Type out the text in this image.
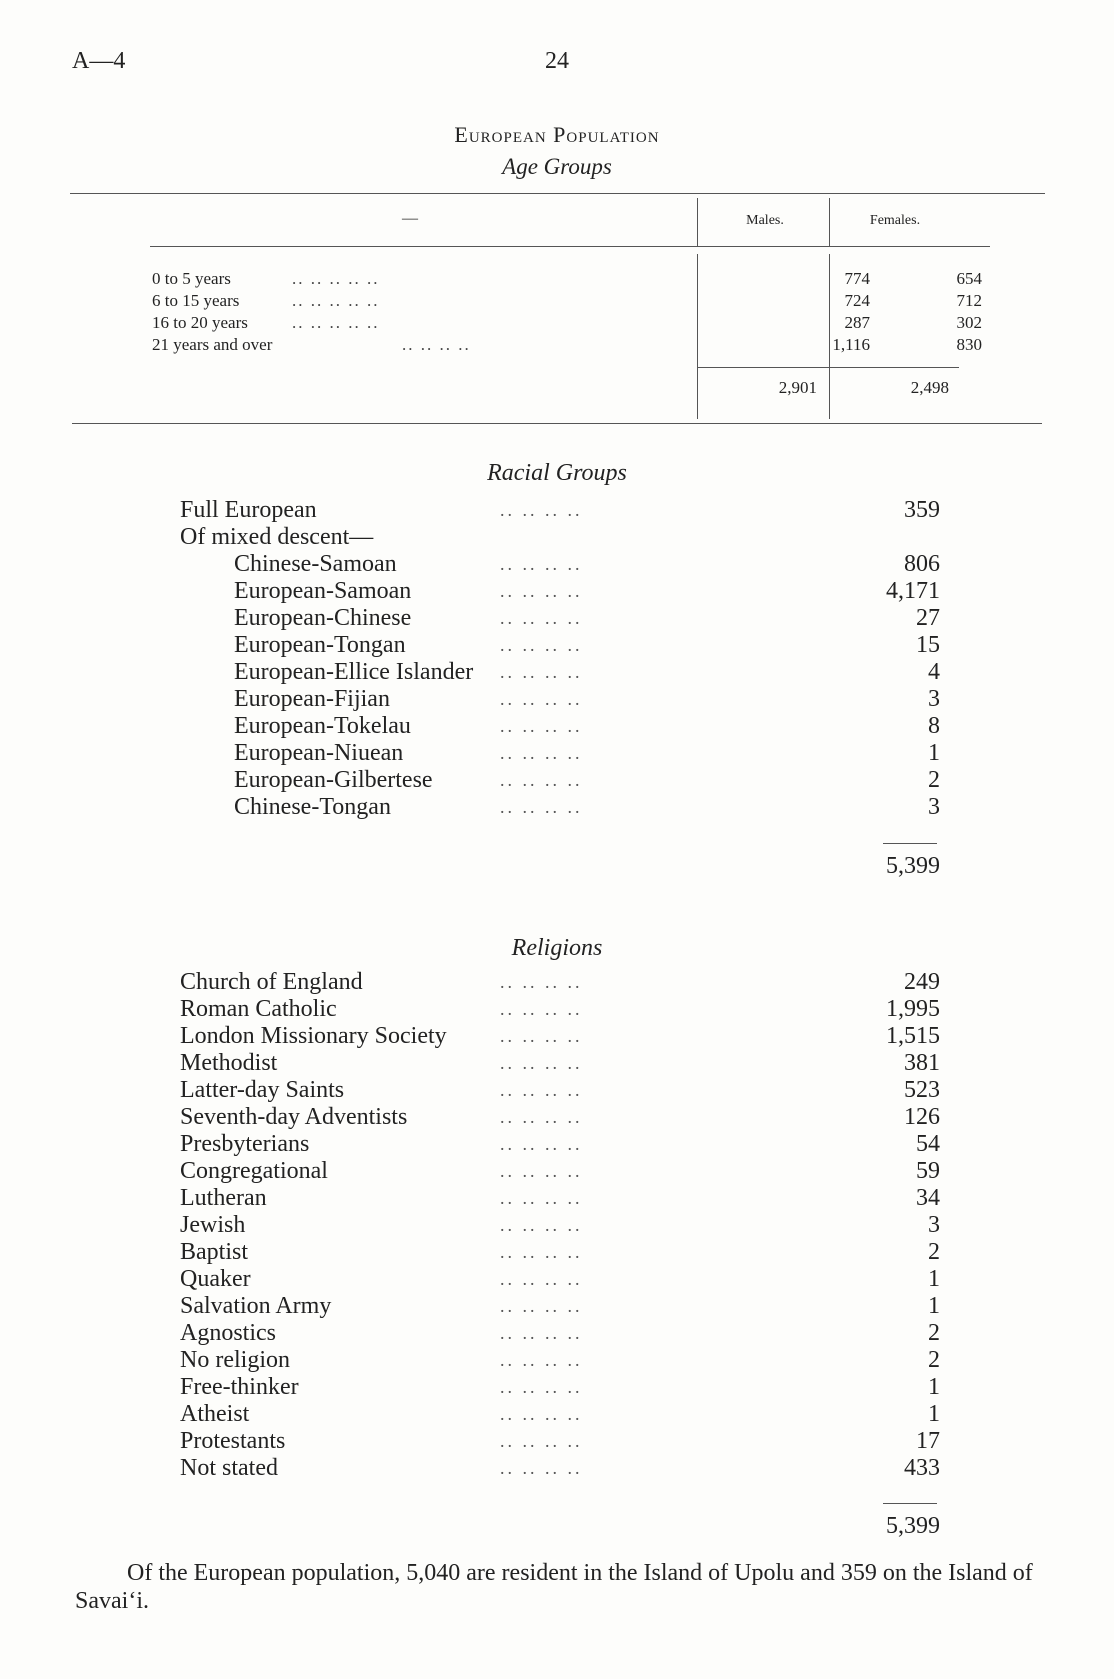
A—4	24
European Population
Age Groups
—	Males.	Females.
0 to 5 years	.. .. .. .. ..	774	654
6 to 15 years	.. .. .. .. ..	724	712
16 to 20 years	.. .. .. .. ..	287	302
21 years and over	.. .. .. ..	1,116	830
2,901	2,498
Racial Groups
Full European	.. .. .. ..	359
Of mixed descent—
Chinese-Samoan	.. .. .. ..	806
European-Samoan	.. .. .. ..	4,171
European-Chinese	.. .. .. ..	27
European-Tongan	.. .. .. ..	15
European-Ellice Islander .. .. .. ..	4
European-Fijian	.. .. .. ..	3
European-Tokelau	.. .. .. ..	8
European-Niuean	.. .. .. ..	1
European-Gilbertese	.. .. .. ..	2
Chinese-Tongan	.. .. .. ..	3
5,399
Religions
Church of England	.. .. .. ..	249
Roman Catholic	.. .. .. ..	1,995
London Missionary Society	.. .. .. ..	1,515
Methodist	.. .. .. ..	381
Latter-day Saints	.. .. .. ..	523
Seventh-day Adventists	.. .. .. ..	126
Presbyterians	.. .. .. ..	54
Congregational	.. .. .. ..	59
Lutheran	.. .. .. ..	34
Jewish	.. .. .. ..	3
Baptist	.. .. .. ..	2
Quaker	.. .. .. ..	1
Salvation Army	.. .. .. ..	1
Agnostics	.. .. .. ..	2
No religion	.. .. .. ..	2
Free-thinker	.. .. .. ..	1
Atheist	.. .. .. ..	1
Protestants	.. .. .. ..	17
Not stated	.. .. .. ..	433
5,399
Of the European population, 5,040 are resident in the Island of Upolu and 359 on the Island of Savai‘i.
